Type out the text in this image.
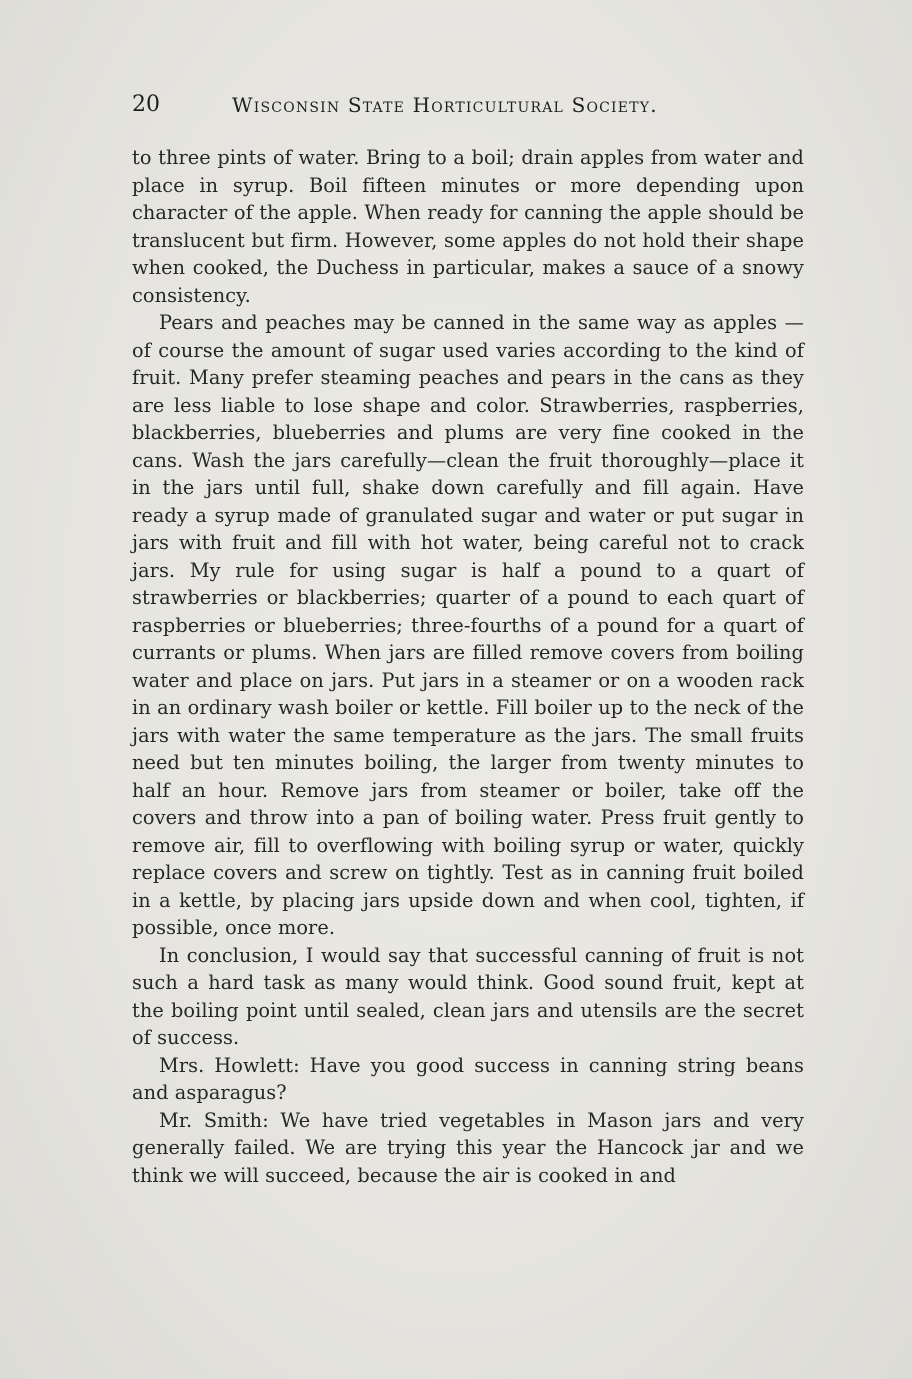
20	Wisconsin State Horticultural Society.

to three pints of water. Bring to a boil; drain apples from water and place in syrup. Boil fifteen minutes or more depending upon character of the apple. When ready for canning the apple should be translucent but firm. However, some apples do not hold their shape when cooked, the Duchess in particular, makes a sauce of a snowy consistency.

Pears and peaches may be canned in the same way as apples —of course the amount of sugar used varies according to the kind of fruit. Many prefer steaming peaches and pears in the cans as they are less liable to lose shape and color. Strawberries, raspberries, blackberries, blueberries and plums are very fine cooked in the cans. Wash the jars carefully—clean the fruit thoroughly—place it in the jars until full, shake down carefully and fill again. Have ready a syrup made of granulated sugar and water or put sugar in jars with fruit and fill with hot water, being careful not to crack jars. My rule for using sugar is half a pound to a quart of strawberries or blackberries; quarter of a pound to each quart of raspberries or blueberries; three-fourths of a pound for a quart of currants or plums. When jars are filled remove covers from boiling water and place on jars. Put jars in a steamer or on a wooden rack in an ordinary wash boiler or kettle. Fill boiler up to the neck of the jars with water the same temperature as the jars. The small fruits need but ten minutes boiling, the larger from twenty minutes to half an hour. Remove jars from steamer or boiler, take off the covers and throw into a pan of boiling water. Press fruit gently to remove air, fill to overflowing with boiling syrup or water, quickly replace covers and screw on tightly. Test as in canning fruit boiled in a kettle, by placing jars upside down and when cool, tighten, if possible, once more.

In conclusion, I would say that successful canning of fruit is not such a hard task as many would think. Good sound fruit, kept at the boiling point until sealed, clean jars and utensils are the secret of success.

Mrs. Howlett: Have you good success in canning string beans and asparagus?

Mr. Smith: We have tried vegetables in Mason jars and very generally failed. We are trying this year the Hancock jar and we think we will succeed, because the air is cooked in and
